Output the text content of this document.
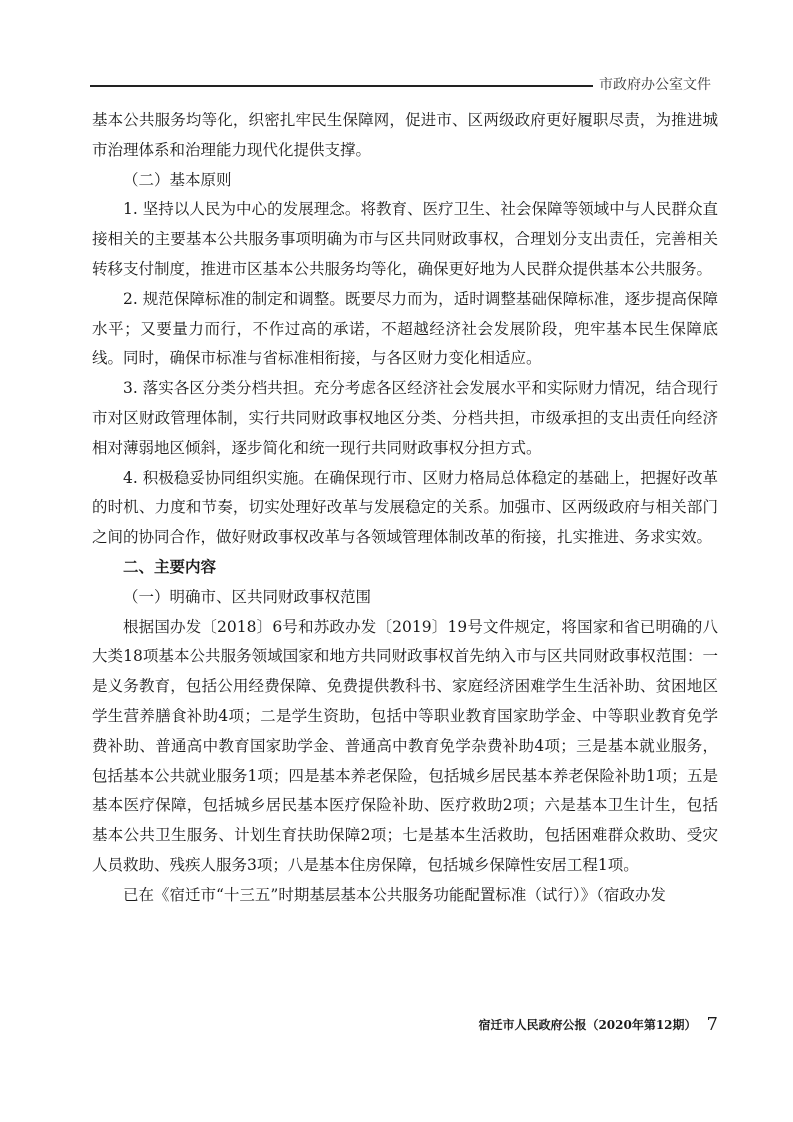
市政府办公室文件

基本公共服务均等化，织密扎牢民生保障网，促进市、区两级政府更好履职尽责，为推进城市治理体系和治理能力现代化提供支撑。

（二）基本原则

1. 坚持以人民为中心的发展理念。将教育、医疗卫生、社会保障等领域中与人民群众直接相关的主要基本公共服务事项明确为市与区共同财政事权，合理划分支出责任，完善相关转移支付制度，推进市区基本公共服务均等化，确保更好地为人民群众提供基本公共服务。

2. 规范保障标准的制定和调整。既要尽力而为，适时调整基础保障标准，逐步提高保障水平；又要量力而行，不作过高的承诺，不超越经济社会发展阶段，兜牢基本民生保障底线。同时，确保市标准与省标准相衔接，与各区财力变化相适应。

3. 落实各区分类分档共担。充分考虑各区经济社会发展水平和实际财力情况，结合现行市对区财政管理体制，实行共同财政事权地区分类、分档共担，市级承担的支出责任向经济相对薄弱地区倾斜，逐步简化和统一现行共同财政事权分担方式。

4. 积极稳妥协同组织实施。在确保现行市、区财力格局总体稳定的基础上，把握好改革的时机、力度和节奏，切实处理好改革与发展稳定的关系。加强市、区两级政府与相关部门之间的协同合作，做好财政事权改革与各领域管理体制改革的衔接，扎实推进、务求实效。

二、主要内容

（一）明确市、区共同财政事权范围

根据国办发〔2018〕6号和苏政办发〔2019〕19号文件规定，将国家和省已明确的八大类18项基本公共服务领域国家和地方共同财政事权首先纳入市与区共同财政事权范围：一是义务教育，包括公用经费保障、免费提供教科书、家庭经济困难学生生活补助、贫困地区学生营养膳食补助4项；二是学生资助，包括中等职业教育国家助学金、中等职业教育免学费补助、普通高中教育国家助学金、普通高中教育免学杂费补助4项；三是基本就业服务，包括基本公共就业服务1项；四是基本养老保险，包括城乡居民基本养老保险补助1项；五是基本医疗保障，包括城乡居民基本医疗保险补助、医疗救助2项；六是基本卫生计生，包括基本公共卫生服务、计划生育扶助保障2项；七是基本生活救助，包括困难群众救助、受灾人员救助、残疾人服务3项；八是基本住房保障，包括城乡保障性安居工程1项。

已在《宿迁市“十三五”时期基层基本公共服务功能配置标准（试行）》（宿政办发

宿迁市人民政府公报（2020年第12期） 7
